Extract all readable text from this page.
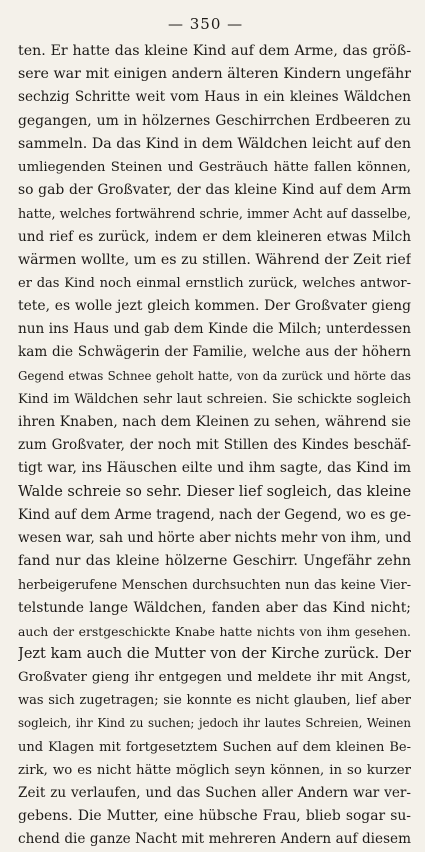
— 350 —
ten. Er hatte das kleine Kind auf dem Arme, das größ-
sere war mit einigen andern älteren Kindern ungefähr
sechzig Schritte weit vom Haus in ein kleines Wäldchen
gegangen, um in hölzernes Geschirrchen Erdbeeren zu
sammeln. Da das Kind in dem Wäldchen leicht auf den
umliegenden Steinen und Gesträuch hätte fallen können,
so gab der Großvater, der das kleine Kind auf dem Arm
hatte, welches fortwährend schrie, immer Acht auf dasselbe,
und rief es zurück, indem er dem kleineren etwas Milch
wärmen wollte, um es zu stillen. Während der Zeit rief
er das Kind noch einmal ernstlich zurück, welches antwor-
tete, es wolle jezt gleich kommen. Der Großvater gieng
nun ins Haus und gab dem Kinde die Milch; unterdessen
kam die Schwägerin der Familie, welche aus der höhern
Gegend etwas Schnee geholt hatte, von da zurück und hörte das
Kind im Wäldchen sehr laut schreien. Sie schickte sogleich
ihren Knaben, nach dem Kleinen zu sehen, während sie
zum Großvater, der noch mit Stillen des Kindes beschäf-
tigt war, ins Häuschen eilte und ihm sagte, das Kind im
Walde schreie so sehr. Dieser lief sogleich, das kleine
Kind auf dem Arme tragend, nach der Gegend, wo es ge-
wesen war, sah und hörte aber nichts mehr von ihm, und
fand nur das kleine hölzerne Geschirr. Ungefähr zehn
herbeigerufene Menschen durchsuchten nun das keine Vier-
telstunde lange Wäldchen, fanden aber das Kind nicht;
auch der erstgeschickte Knabe hatte nichts von ihm gesehen.
Jezt kam auch die Mutter von der Kirche zurück. Der
Großvater gieng ihr entgegen und meldete ihr mit Angst,
was sich zugetragen; sie konnte es nicht glauben, lief aber
sogleich, ihr Kind zu suchen; jedoch ihr lautes Schreien, Weinen
und Klagen mit fortgesetztem Suchen auf dem kleinen Be-
zirk, wo es nicht hätte möglich seyn können, in so kurzer
Zeit zu verlaufen, und das Suchen aller Andern war ver-
gebens. Die Mutter, eine hübsche Frau, blieb sogar su-
chend die ganze Nacht mit mehreren Andern auf diesem
